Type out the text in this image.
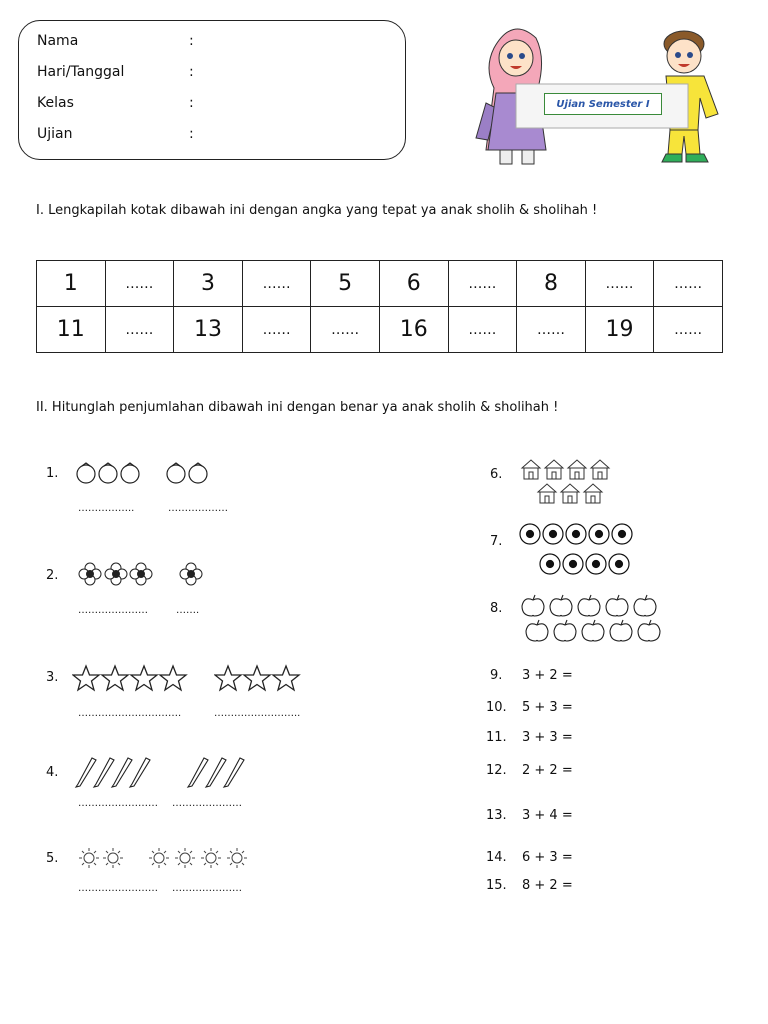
Nama	:
Hari/Tanggal	:
Kelas	:
Ujian	:
Ujian Semester I
I. Lengkapilah kotak dibawah ini dengan angka yang tepat ya anak sholih & sholihah !
1	……	3	……	5	6	……	8	……	……
11	……	13	……	……	16	……	……	19	……
II. Hitunglah penjumlahan dibawah ini dengan benar ya anak sholih & sholihah !
1.
……………..	………………
2.
…………………	…….
3.
………………………….	……………………..
4.
…………………… …………………
5.
…………………… …………………
6.
7.
8.
9. 3 + 2 =
10. 5 + 3 =
11. 3 + 3 =
12. 2 + 2 =
13. 3 + 4 =
14. 6 + 3 =
15. 8 + 2 =
